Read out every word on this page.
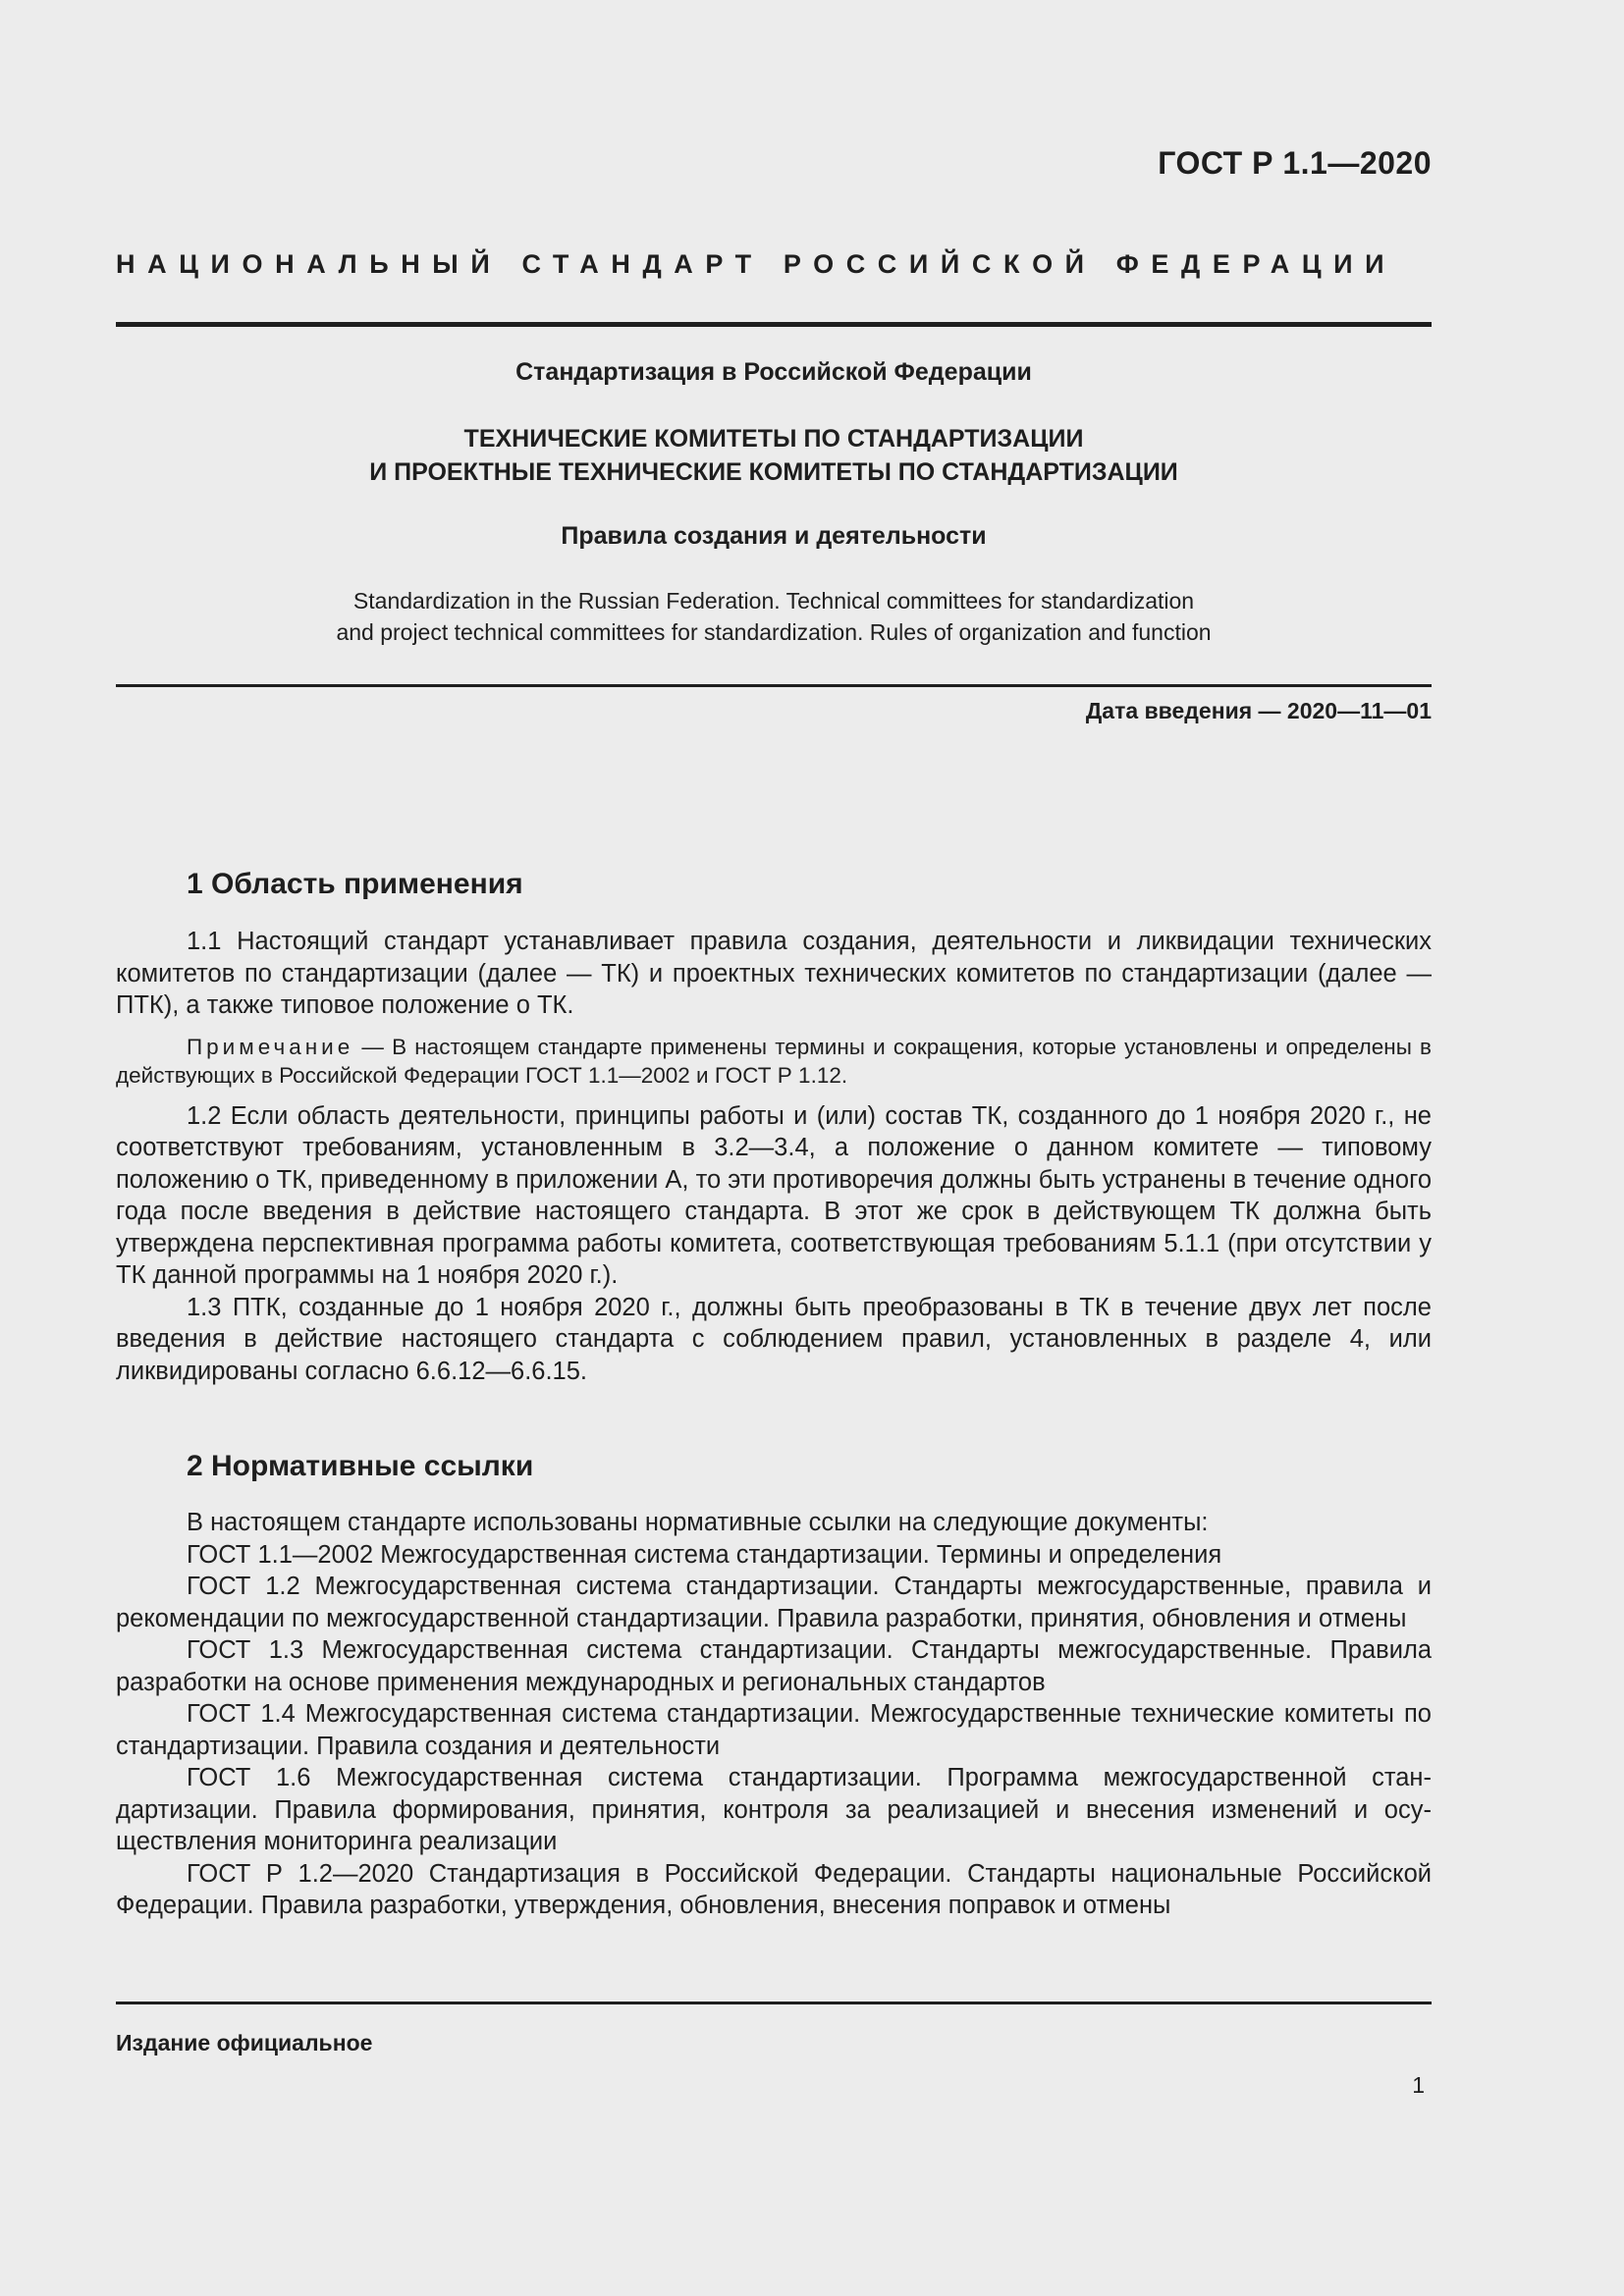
ГОСТ Р 1.1—2020
НАЦИОНАЛЬНЫЙ СТАНДАРТ РОССИЙСКОЙ ФЕДЕРАЦИИ
Стандартизация в Российской Федерации
ТЕХНИЧЕСКИЕ КОМИТЕТЫ ПО СТАНДАРТИЗАЦИИ
И ПРОЕКТНЫЕ ТЕХНИЧЕСКИЕ КОМИТЕТЫ ПО СТАНДАРТИЗАЦИИ
Правила создания и деятельности
Standardization in the Russian Federation. Technical committees for standardization
and project technical committees for standardization. Rules of organization and function
Дата введения — 2020—11—01
1 Область применения

1.1 Настоящий стандарт устанавливает правила создания, деятельности и ликвидации технических комитетов по стандартизации (далее — ТК) и проектных технических комитетов по стандартизации (далее — ПТК), а также типовое положение о ТК.

Примечание — В настоящем стандарте применены термины и сокращения, которые установлены и определены в действующих в Российской Федерации ГОСТ 1.1—2002 и ГОСТ Р 1.12.

1.2 Если область деятельности, принципы работы и (или) состав ТК, созданного до 1 ноября 2020 г., не соответствуют требованиям, установленным в 3.2—3.4, а положение о данном комитете — типовому положению о ТК, приведенному в приложении А, то эти противоречия должны быть устранены в течение одного года после введения в действие настоящего стандарта. В этот же срок в действующем ТК должна быть утверждена перспективная программа работы комитета, соответствующая требованиям 5.1.1 (при отсутствии у ТК данной программы на 1 ноября 2020 г.).

1.3 ПТК, созданные до 1 ноября 2020 г., должны быть преобразованы в ТК в течение двух лет после введения в действие настоящего стандарта с соблюдением правил, установленных в разделе 4, или ликвидированы согласно 6.6.12—6.6.15.

2 Нормативные ссылки

В настоящем стандарте использованы нормативные ссылки на следующие документы:

ГОСТ 1.1—2002 Межгосударственная система стандартизации. Термины и определения

ГОСТ 1.2 Межгосударственная система стандартизации. Стандарты межгосударственные, правила и рекомендации по межгосударственной стандартизации. Правила разработки, принятия, обновления и отмены

ГОСТ 1.3 Межгосударственная система стандартизации. Стандарты межгосударственные. Правила разработки на основе применения международных и региональных стандартов

ГОСТ 1.4 Межгосударственная система стандартизации. Межгосударственные технические комитеты по стандартизации. Правила создания и деятельности

ГОСТ 1.6 Межгосударственная система стандартизации. Программа межгосударственной стандартизации. Правила формирования, принятия, контроля за реализацией и внесения изменений и осуществления мониторинга реализации

ГОСТ Р 1.2—2020 Стандартизация в Российской Федерации. Стандарты национальные Российской Федерации. Правила разработки, утверждения, обновления, внесения поправок и отмены

Издание официальное
1
